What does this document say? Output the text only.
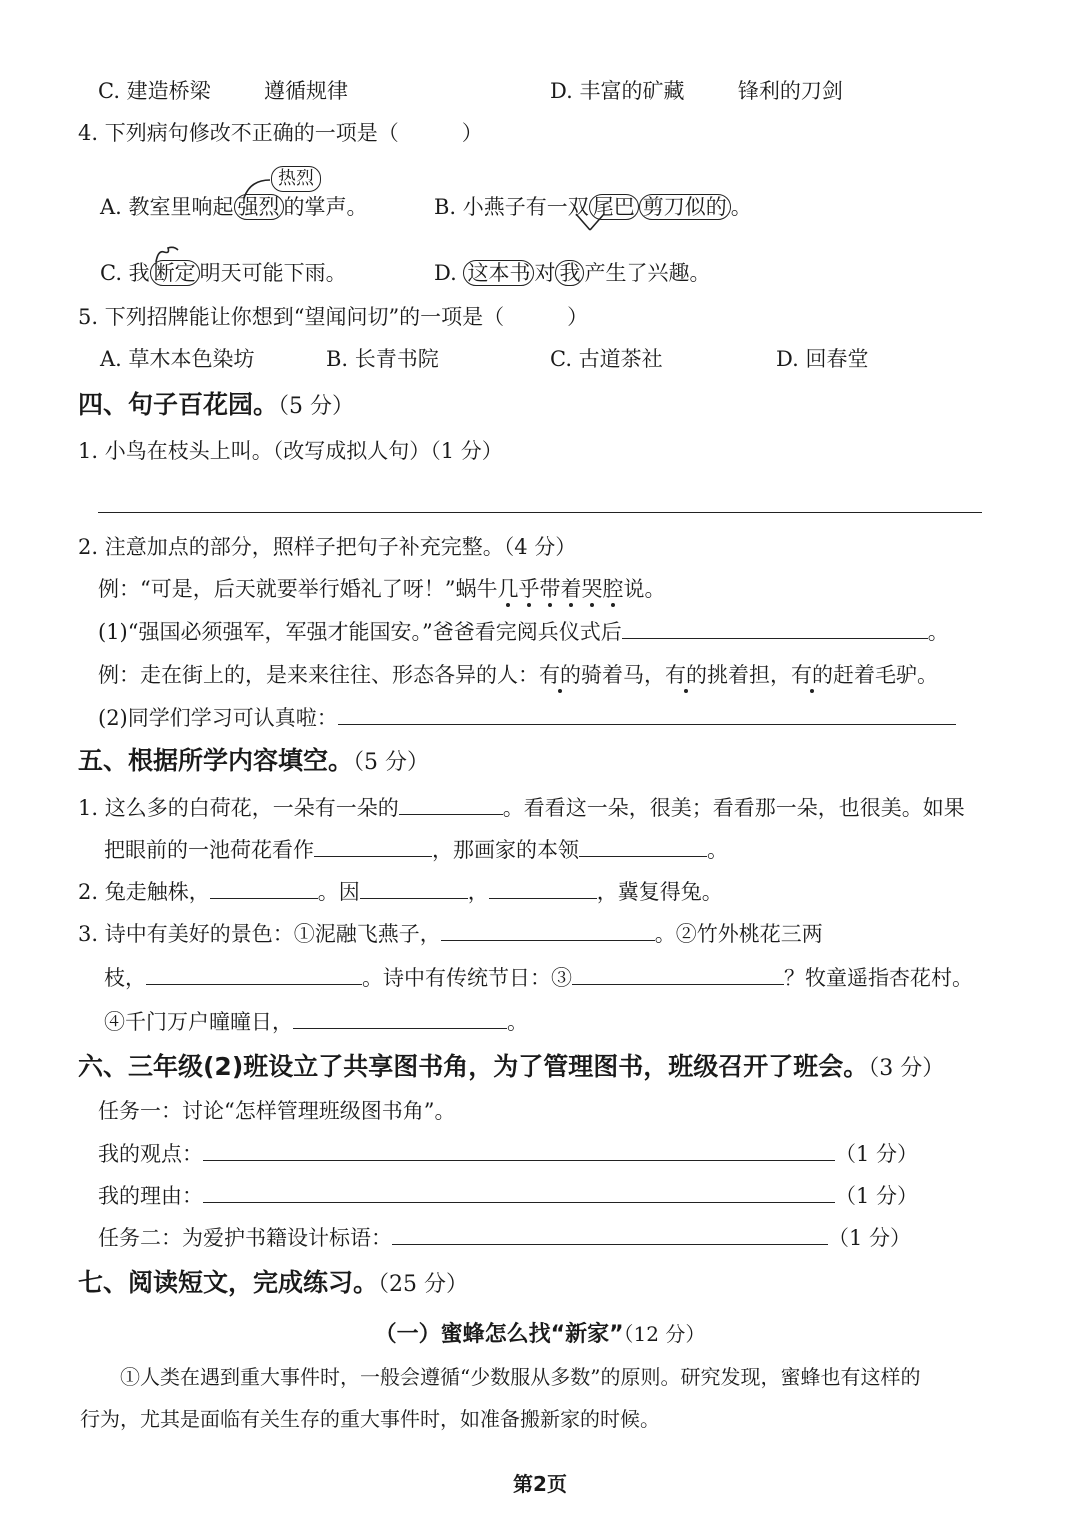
C. 建造桥梁	遵循规律	D. 丰富的矿藏	锋利的刀剑
4. 下列病句修改不正确的一项是（　　　）
热烈
A. 教室里响起 强烈 的掌声。	B. 小燕子有一双 尾巴 剪刀似的 。
C. 我 断定 明天可能下雨。	D. 这本书 对 我 产生了兴趣。
5. 下列招牌能让你想到“望闻问切”的一项是（　　　）
A. 草木本色染坊	B. 长青书院	C. 古道茶社	D. 回春堂
四、句子百花园。（5 分）
1. 小鸟在枝头上叫。（改写成拟人句）（1 分）
2. 注意加点的部分，照样子把句子补充完整。（4 分）
例：“可是，后天就要举行婚礼了呀！”蜗牛几乎带着哭腔说。
(1)“强国必须强军，军强才能国安。”爸爸看完阅兵仪式后	。
例：走在街上的，是来来往往、形态各异的人：有的骑着马，有的挑着担，有的赶着毛驴。
(2)同学们学习可认真啦：
五、根据所学内容填空。（5 分）
1. 这么多的白荷花，一朵有一朵的	。看看这一朵，很美；看看那一朵，也很美。如果
把眼前的一池荷花看作	，那画家的本领	。
2. 兔走触株，	。因	，	，冀复得兔。
3. 诗中有美好的景色：①泥融飞燕子，	。②竹外桃花三两
枝，	。诗中有传统节日：③	？牧童遥指杏花村。
④千门万户曈曈日，	。
六、三年级(2)班设立了共享图书角，为了管理图书，班级召开了班会。（3 分）
任务一：讨论“怎样管理班级图书角”。
我的观点：	（1 分）
我的理由：	（1 分）
任务二：为爱护书籍设计标语：	（1 分）
七、阅读短文，完成练习。（25 分）
（一）蜜蜂怎么找“新家”（12 分）
①人类在遇到重大事件时，一般会遵循“少数服从多数”的原则。研究发现，蜜蜂也有这样的
行为，尤其是面临有关生存的重大事件时，如准备搬新家的时候。
第2页
